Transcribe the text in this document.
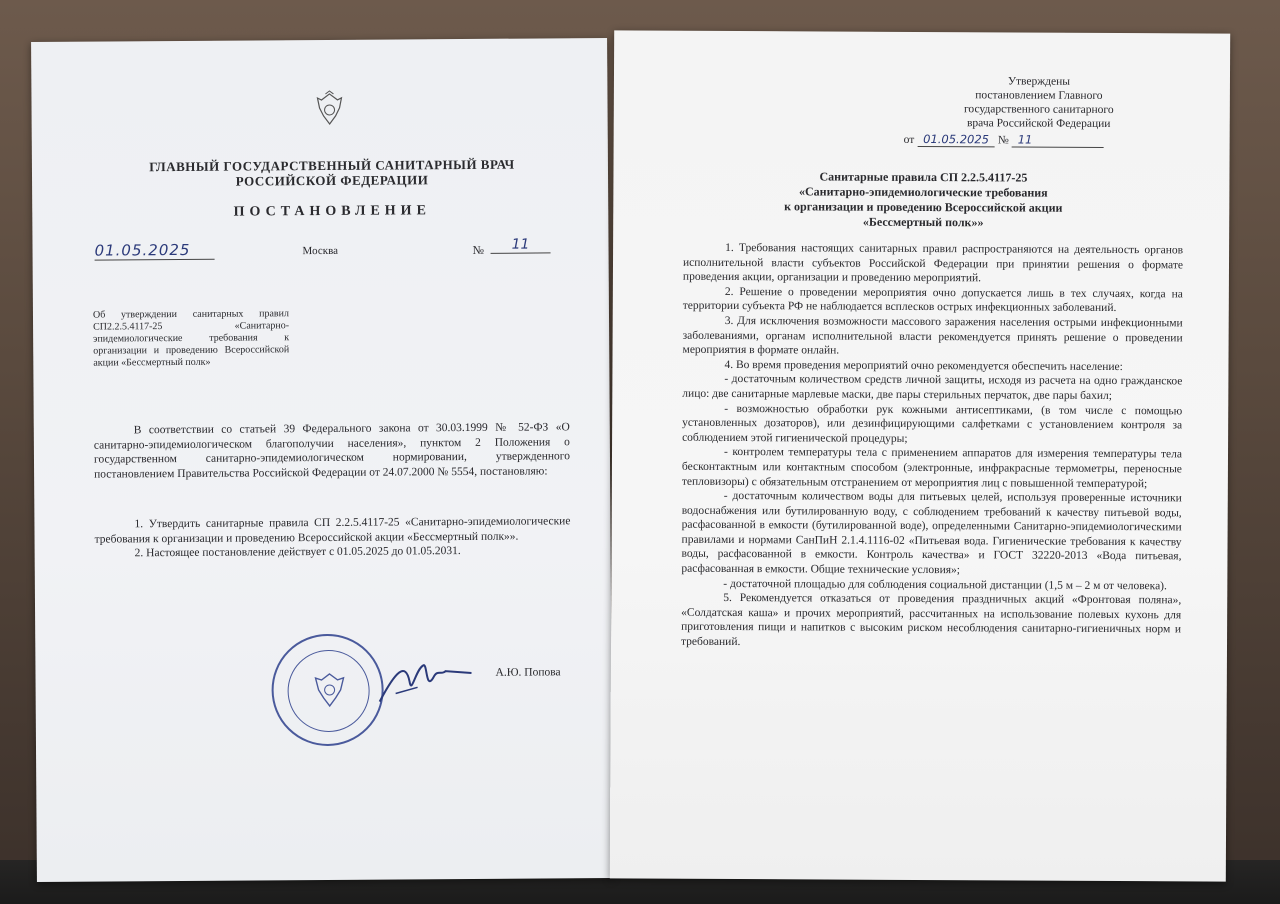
ГЛАВНЫЙ ГОСУДАРСТВЕННЫЙ САНИТАРНЫЙ ВРАЧ
РОССИЙСКОЙ ФЕДЕРАЦИИ
ПОСТАНОВЛЕНИЕ
01.05.2025	Москва	№	11
Об утверждении санитарных правил СП2.2.5.4117-25 «Санитарно-эпидемиологические требования к организации и проведению Всероссийской акции «Бессмертный полк»

В соответствии со статьей 39 Федерального закона от 30.03.1999 № 52-ФЗ «О санитарно-эпидемиологическом благополучии населения», пунктом 2 Положения о государственном санитарно-эпидемиологическом нормировании, утвержденного постановлением Правительства Российской Федерации от 24.07.2000 № 5554, постановляю:

1. Утвердить санитарные правила СП 2.2.5.4117-25 «Санитарно-эпидемиологические требования к организации и проведению Всероссийской акции «Бессмертный полк»».

2. Настоящее постановление действует с 01.05.2025 до 01.05.2031.

А.Ю. Попова
Утверждены
постановлением Главного
государственного санитарного
врача Российской Федерации
от 01.05.2025 № 11
Санитарные правила СП 2.2.5.4117-25
«Санитарно-эпидемиологические требования
к организации и проведению Всероссийской акции
«Бессмертный полк»»

1. Требования настоящих санитарных правил распространяются на деятельность органов исполнительной власти субъектов Российской Федерации при принятии решения о формате проведения акции, организации и проведению мероприятий.

2. Решение о проведении мероприятия очно допускается лишь в тех случаях, когда на территории субъекта РФ не наблюдается всплесков острых инфекционных заболеваний.

3. Для исключения возможности массового заражения населения острыми инфекционными заболеваниями, органам исполнительной власти рекомендуется принять решение о проведении мероприятия в формате онлайн.

4. Во время проведения мероприятий очно рекомендуется обеспечить население:

- достаточным количеством средств личной защиты, исходя из расчета на одно гражданское лицо: две санитарные марлевые маски, две пары стерильных перчаток, две пары бахил;

- возможностью обработки рук кожными антисептиками, (в том числе с помощью установленных дозаторов), или дезинфицирующими салфетками с установлением контроля за соблюдением этой гигиенической процедуры;

- контролем температуры тела с применением аппаратов для измерения температуры тела бесконтактным или контактным способом (электронные, инфракрасные термометры, переносные тепловизоры) с обязательным отстранением от мероприятия лиц с повышенной температурой;

- достаточным количеством воды для питьевых целей, используя проверенные источники водоснабжения или бутилированную воду, с соблюдением требований к качеству питьевой воды, расфасованной в емкости (бутилированной воде), определенными Санитарно-эпидемиологическими правилами и нормами СанПиН 2.1.4.1116-02 «Питьевая вода. Гигиенические требования к качеству воды, расфасованной в емкости. Контроль качества» и ГОСТ 32220-2013 «Вода питьевая, расфасованная в емкости. Общие технические условия»;

- достаточной площадью для соблюдения социальной дистанции (1,5 м – 2 м от человека).

5. Рекомендуется отказаться от проведения праздничных акций «Фронтовая поляна», «Солдатская каша» и прочих мероприятий, рассчитанных на использование полевых кухонь для приготовления пищи и напитков с высоким риском несоблюдения санитарно-гигиеничных норм и требований.
